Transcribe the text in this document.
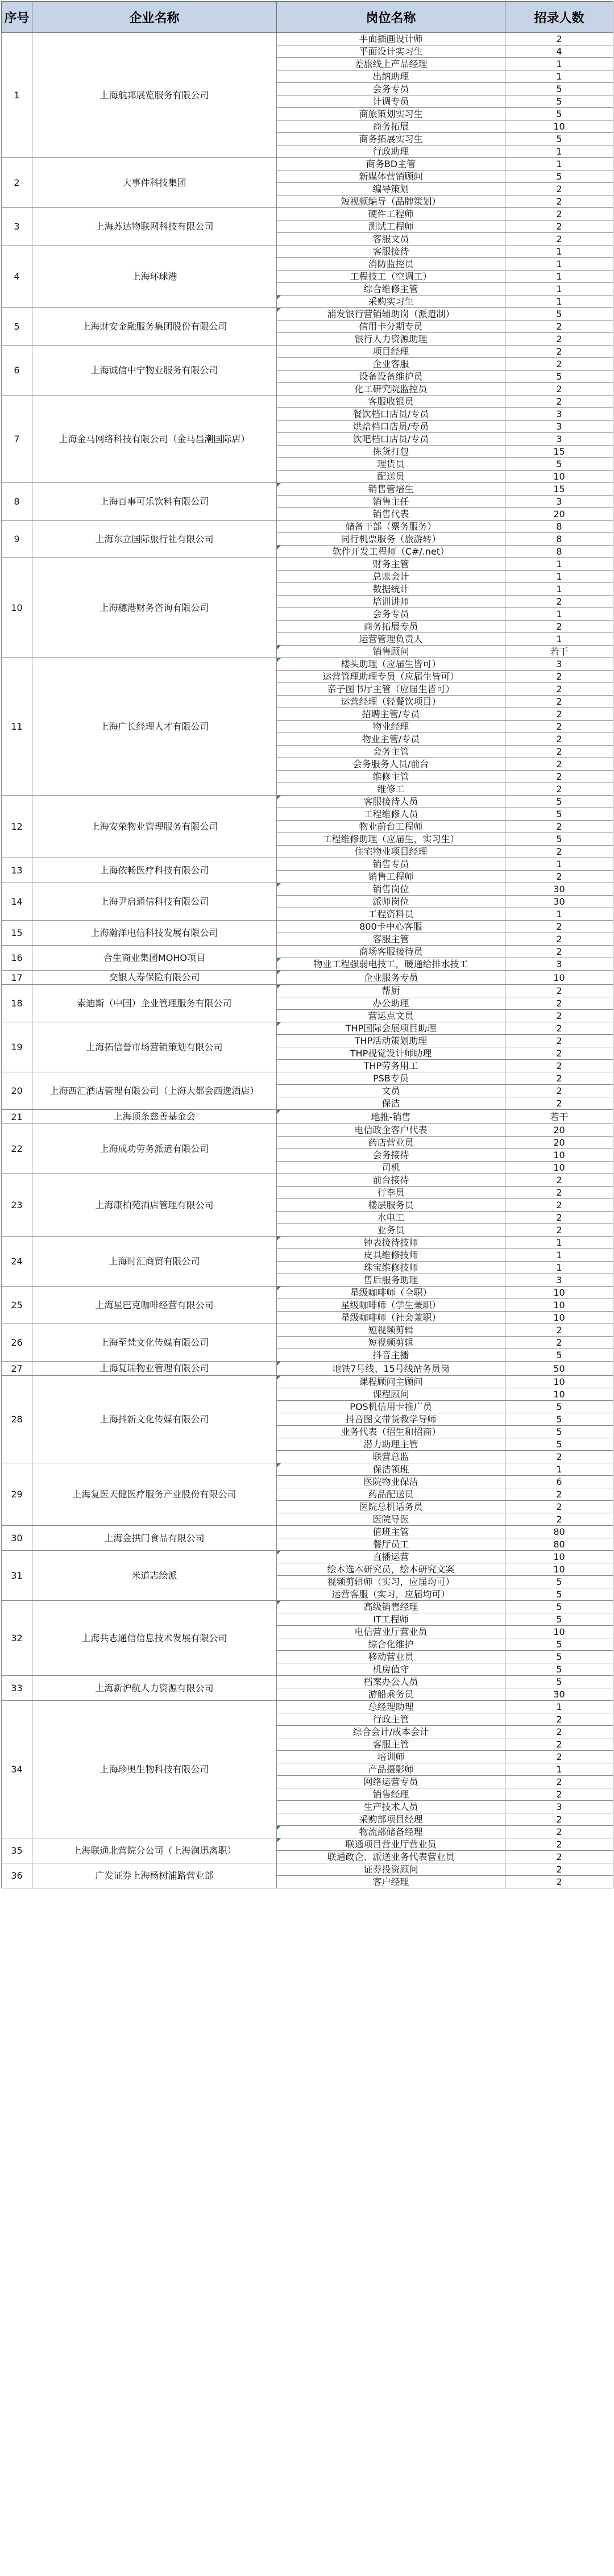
序号	企业名称	岗位名称	招录人数
1	上海航邦展览服务有限公司	平面插画设计师	2
		平面设计实习生	4
		差旅线上产品经理	1
		出纳助理	1
		会务专员	5
		计调专员	5
		商旅策划实习生	5
		商务拓展	10
		商务拓展实习生	5
		行政助理	1
2	大事件科技集团	商务BD主管	1
		新媒体营销顾问	5
		编导策划	2
		短视频编导（品牌策划）	2
3	上海苏达物联网科技有限公司	硬件工程师	2
		测试工程师	2
		客服文员	2
4	上海环球港	客服接待	1
		消防监控员	1
		工程技工（空调工）	1
		综合维修主管	1
		采购实习生	1
5	上海财安金融服务集团股份有限公司	浦发银行营销辅助岗（派遣制）	5
		信用卡分期专员	2
		银行人力资源助理	2
6	上海诚信中宁物业服务有限公司	项目经理	2
		企业客服	2
		设备设备维护员	5
		化工研究院监控员	2
7	上海金马网络科技有限公司（金马昌潮国际店）	客服收银员	2
		餐饮档口店员/专员	3
		烘焙档口店员/专员	3
		饮吧档口店员/专员	3
		拣货打包	15
		理货员	5
		配送员	10
8	上海百事可乐饮料有限公司	销售管培生	15
		销售主任	3
		销售代表	20
9	上海东立国际旅行社有限公司	储备干部（票务服务）	8
		同行机票服务（旅游转）	8
		软件开发工程师（C#/.net）	8
10	上海穗港财务咨询有限公司	财务主管	1
		总账会计	1
		数据统计	1
		培训讲师	2
		会务专员	1
		商务拓展专员	2
		运营管理负责人	1
		销售顾问	若干
11	上海广长经理人才有限公司	楼头助理（应届生皆可）	3
		运营管理助理专员（应届生皆可）	2
		亲子图书厅主管（应届生皆可）	2
		运营经理（轻餐饮项目）	2
		招聘主管/专员	2
		物业经理	2
		物业主管/专员	2
		会务主管	2
		会务服务人员/前台	2
		维修主管	2
		维修工	2
12	上海安荣物业管理服务有限公司	客服接待人员	5
		工程维修人员	5
		物业前台工程师	2
		工程维修助理（应届生，实习生）	5
		住宅物业项目经理	2
13	上海依畅医疗科技有限公司	销售专员	1
		销售工程师	2
14	上海尹启通信科技有限公司	销售岗位	30
		派师岗位	30
		工程资料员	1
15	上海瀚洋电信科技发展有限公司	800卡中心客服	2
		客服主管	2
16	合生商业集团MOHO项目	商场客服接待员	2
		物业工程强弱电技工，暖通给排水技工	3
17	交银人寿保险有限公司	企业服务专员	10
18	索迪斯（中国）企业管理服务有限公司	帮厨	2
		办公助理	2
		营运点文员	2
19	上海拓信誉市场营销策划有限公司	THP国际会展项目助理	2
		THP活动策划助理	2
		THP视觉设计师助理	2
		THP劳务用工	2
20	上海西汇酒店管理有限公司（上海大都会西逸酒店）	PSB专员	2
		文员	2
		保洁	2
21	上海顶条慈善基金会	地推-销售	若干
22	上海成功劳务派遣有限公司	电信政企客户代表	20
		药店营业员	20
		会务接待	10
		司机	10
23	上海康柏苑酒店管理有限公司	前台接待	2
		行李员	2
		楼层服务员	2
		水电工	2
		业务员	2
24	上海时汇商贸有限公司	钟表接待技师	1
		皮具维修技师	1
		珠宝维修技师	1
		售后服务助理	3
25	上海星巴克咖啡经营有限公司	星级咖啡师（全职）	10
		星级咖啡师（学生兼职）	10
		星级咖啡师（社会兼职）	10
26	上海至梵文化传媒有限公司	短视频剪辑	2
		短视频剪辑	2
		抖音主播	5
27	上海复瑞物业管理有限公司	地铁7号线、15号线站务员岗	50
28	上海抖新文化传媒有限公司	课程顾问主顾问	10
		课程顾问	10
		POS机信用卡推广员	5
		抖音图文带货教学导师	5
		业务代表（招生和招商）	5
		潜力助理主管	5
		联营总监	2
29	上海复医天健医疗服务产业股份有限公司	保洁领班	1
		医院物业保洁	6
		药品配送员	2
		医院总机话务员	2
		医院导医	2
30	上海金拱门食品有限公司	值班主管	80
		餐厅员工	80
31	米道志绘派	直播运营	10
		绘本选本研究员，绘本研究文案	10
		视频剪辑师（实习，应届均可）	5
		运营客服（实习，应届均可）	5
32	上海共志通信信息技术发展有限公司	高级销售经理	5
		IT工程师	5
		电信营业厅营业员	10
		综合化维护	5
		移动营业员	5
		机房值守	5
33	上海新沪航人力资源有限公司	档案办公人员	5
		游船乘务员	30
34	上海珍奥生物科技有限公司	总经理助理	1
		行政主管	2
		综合会计/成本会计	2
		客服主管	2
		培训师	2
		产品摄影师	1
		网络运营专员	2
		销售经理	2
		生产技术人员	3
		采购部项目经理	2
		物流部储备经理	2
35	上海联通北营院分公司（上海润迅离职）	联通项目营业厅营业员	2
		联通政企、派送业务代表营业员	2
36	广发证券上海杨树浦路营业部	证券投资顾问	2
		客户经理	2
